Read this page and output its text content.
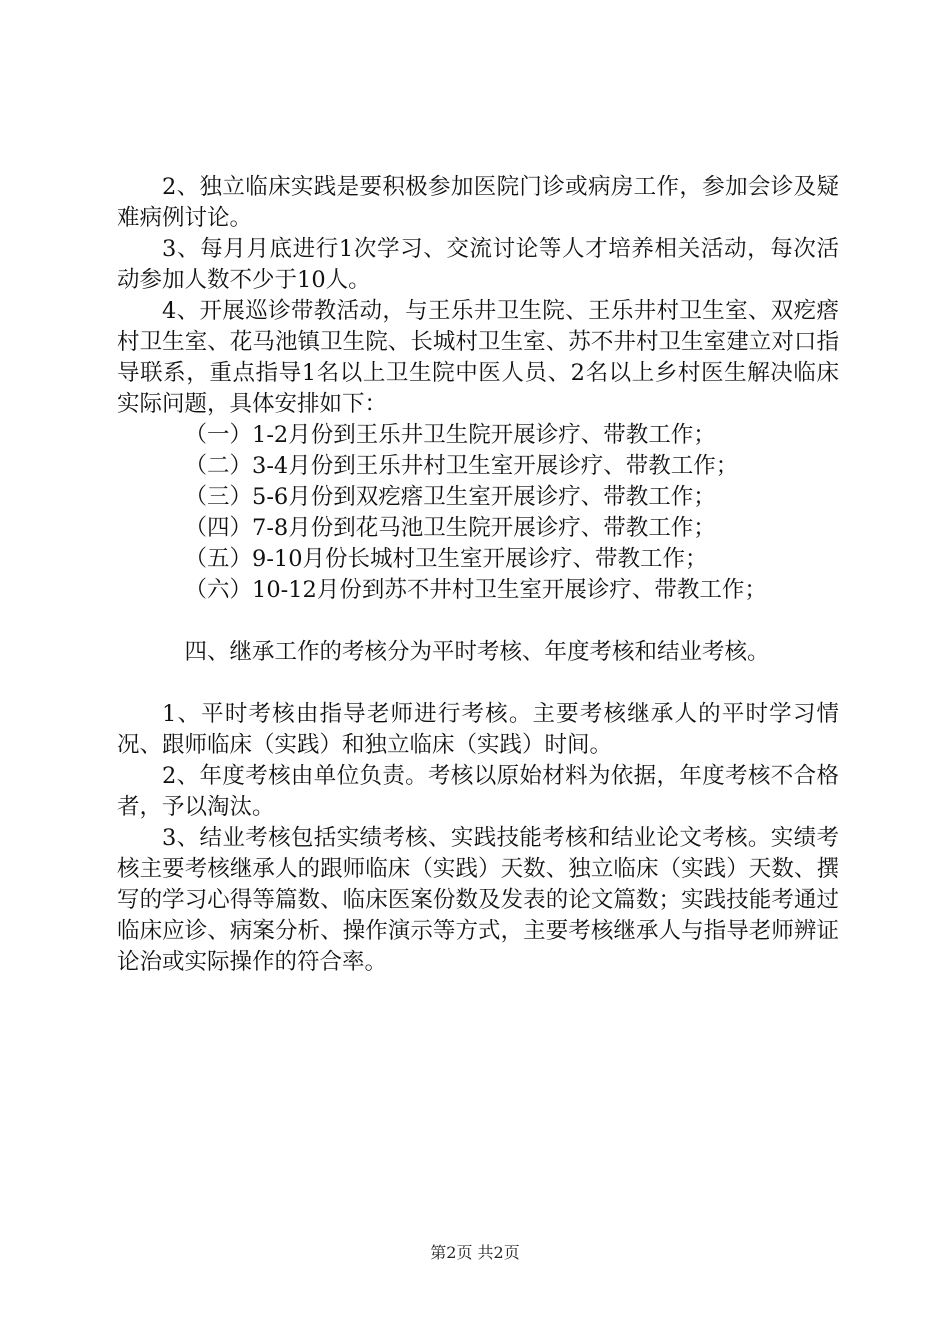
2、独立临床实践是要积极参加医院门诊或病房工作，参加会诊及疑难病例讨论。

3、每月月底进行1次学习、交流讨论等人才培养相关活动，每次活动参加人数不少于10人。

4、开展巡诊带教活动，与王乐井卫生院、王乐井村卫生室、双疙瘩村卫生室、花马池镇卫生院、长城村卫生室、苏不井村卫生室建立对口指导联系，重点指导1名以上卫生院中医人员、2名以上乡村医生解决临床实际问题，具体安排如下：

（一）1-2月份到王乐井卫生院开展诊疗、带教工作；

（二）3-4月份到王乐井村卫生室开展诊疗、带教工作；

（三）5-6月份到双疙瘩卫生室开展诊疗、带教工作；

（四）7-8月份到花马池卫生院开展诊疗、带教工作；

（五）9-10月份长城村卫生室开展诊疗、带教工作；

（六）10-12月份到苏不井村卫生室开展诊疗、带教工作；

四、继承工作的考核分为平时考核、年度考核和结业考核。

1、平时考核由指导老师进行考核。主要考核继承人的平时学习情况、跟师临床（实践）和独立临床（实践）时间。

2、年度考核由单位负责。考核以原始材料为依据，年度考核不合格者，予以淘汰。

3、结业考核包括实绩考核、实践技能考核和结业论文考核。实绩考核主要考核继承人的跟师临床（实践）天数、独立临床（实践）天数、撰写的学习心得等篇数、临床医案份数及发表的论文篇数；实践技能考通过临床应诊、病案分析、操作演示等方式，主要考核继承人与指导老师辨证论治或实际操作的符合率。

第2页 共2页
